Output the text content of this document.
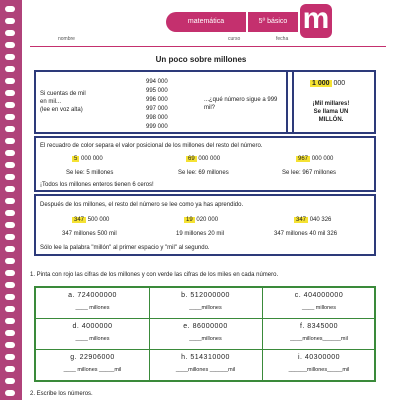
matemática	5º básico m
nombre	curso	fecha
Un poco sobre millones
Si cuentas de mil
en mil...
(lee en voz alta)
994 000
995 000
996 000
997 000
998 000
999 000
...¿qué número sigue a 999 mil?
1 000 000
¡Mil millares!
Se llama UN
MILLÓN.
El recuadro de color separa el valor posicional de los millones del resto del número.
5 000 000
Se lee: 5 millones
69 000 000
Se lee: 69 millones
967 000 000
Se lee: 967 millones
¡Todos los millones enteros tienen 6 ceros!
Después de los millones, el resto del número se lee como ya has aprendido.
347 500 000
347 millones 500 mil
19 020 000
19 millones 20 mil
347 040 326
347 millones 40 mil 326
Sólo lee la palabra "millón" al primer espacio y "mil" al segundo.
1. Pinta con rojo las cifras de los millones y con verde las cifras de los miles en cada número.
a. 724000000
____ millones
b. 512000000
____millones
c. 404000000
____ millones
d. 4000000
____ millones
e. 86000000
____millones
f. 8345000
____millones______mil
g. 22906000
____ millones _____mil
h. 514310000
____millones ______mil
i. 40300000
______millones_____mil
2. Escribe los números.
